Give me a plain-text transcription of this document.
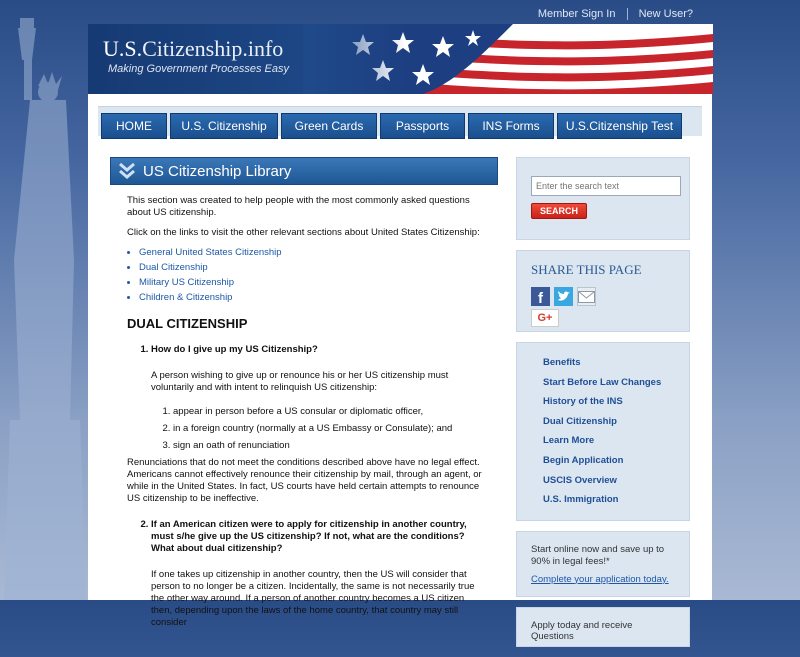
Member Sign In New User?
U.S.Citizenship.info
Making Government Processes Easy
HOME	U.S. Citizenship	Green Cards	Passports	INS Forms	U.S.Citizenship Test
US Citizenship Library

This section was created to help people with the most commonly asked questions about US citizenship.

Click on the links to visit the other relevant sections about United States Citizenship:

• General United States Citizenship
• Dual Citizenship
• Military US Citizenship
• Children & Citizenship
DUAL CITIZENSHIP
1. How do I give up my US Citizenship?
A person wishing to give up or renounce his or her US citizenship must voluntarily and with intent to relinquish US citizenship:
1. appear in person before a US consular or diplomatic officer,
2. in a foreign country (normally at a US Embassy or Consulate); and
3. sign an oath of renunciation
Renunciations that do not meet the conditions described above have no legal effect. Americans cannot effectively renounce their citizenship by mail, through an agent, or while in the United States. In fact, US courts have held certain attempts to renounce US citizenship to be ineffective.
2. If an American citizen were to apply for citizenship in another country, must s/he give up the US citizenship? If not, what are the conditions? What about dual citizenship?
If one takes up citizenship in another country, then the US will consider that person to no longer be a citizen. Incidentally, the same is not necessarily true the other way around. If a person of another country becomes a US citizen then, depending upon the laws of the home country, that country may still consider
Enter the search text
SEARCH
SHARE THIS PAGE
f
G+
Benefits
Start Before Law Changes
History of the INS
Dual Citizenship
Learn More
Begin Application
USCIS Overview
U.S. Immigration
Start online now and save up to 90% in legal fees!*
Complete your application today.
Apply today and receive Questions
